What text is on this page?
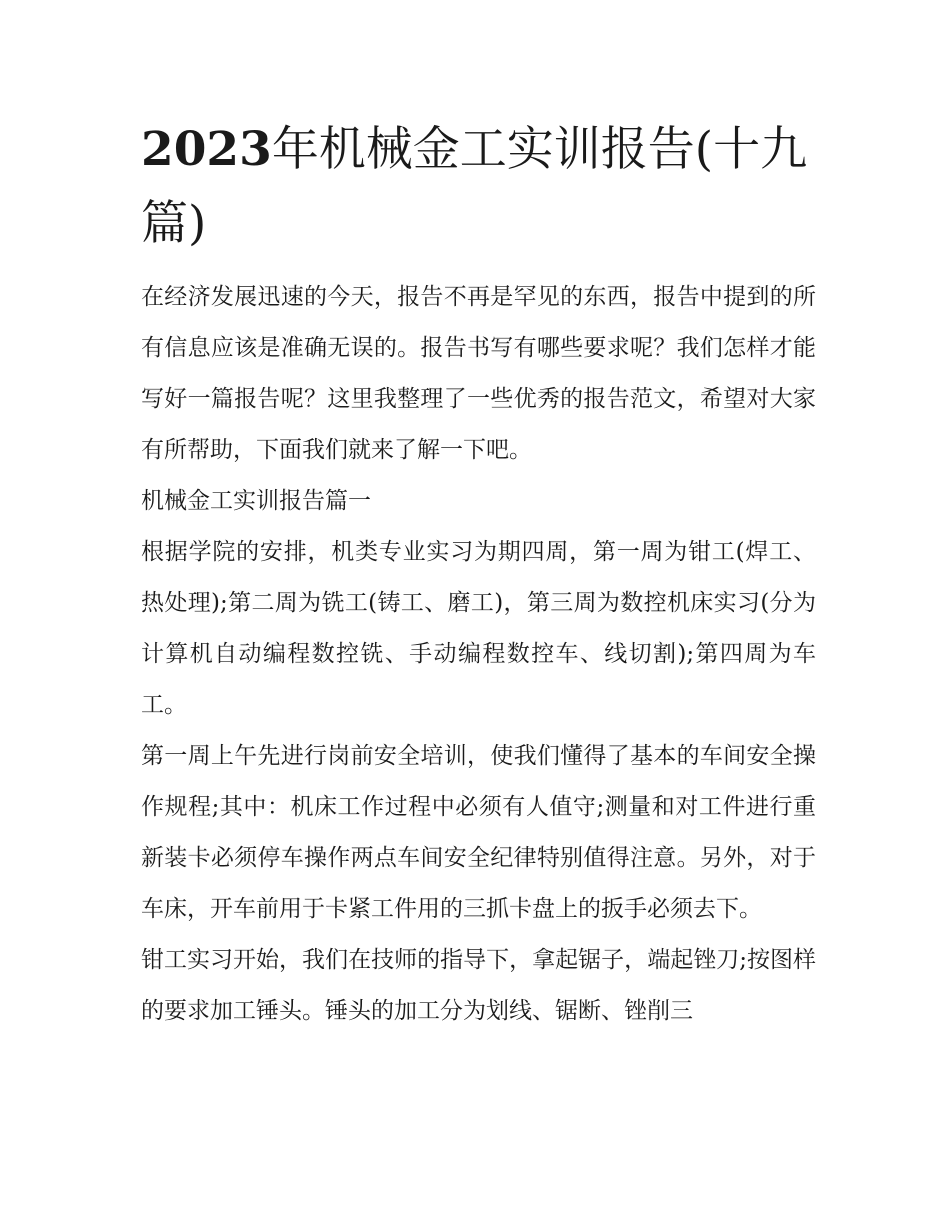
2023年机械金工实训报告(十九篇)

在经济发展迅速的今天，报告不再是罕见的东西，报告中提到的所有信息应该是准确无误的。报告书写有哪些要求呢？我们怎样才能写好一篇报告呢？这里我整理了一些优秀的报告范文，希望对大家有所帮助，下面我们就来了解一下吧。

机械金工实训报告篇一

根据学院的安排，机类专业实习为期四周，第一周为钳工(焊工、热处理);第二周为铣工(铸工、磨工)，第三周为数控机床实习(分为计算机自动编程数控铣、手动编程数控车、线切割);第四周为车工。

第一周上午先进行岗前安全培训，使我们懂得了基本的车间安全操作规程;其中：机床工作过程中必须有人值守;测量和对工件进行重新装卡必须停车操作两点车间安全纪律特别值得注意。另外，对于车床，开车前用于卡紧工件用的三抓卡盘上的扳手必须去下。

钳工实习开始，我们在技师的指导下，拿起锯子，端起锉刀;按图样的要求加工锤头。锤头的加工分为划线、锯断、锉削三
